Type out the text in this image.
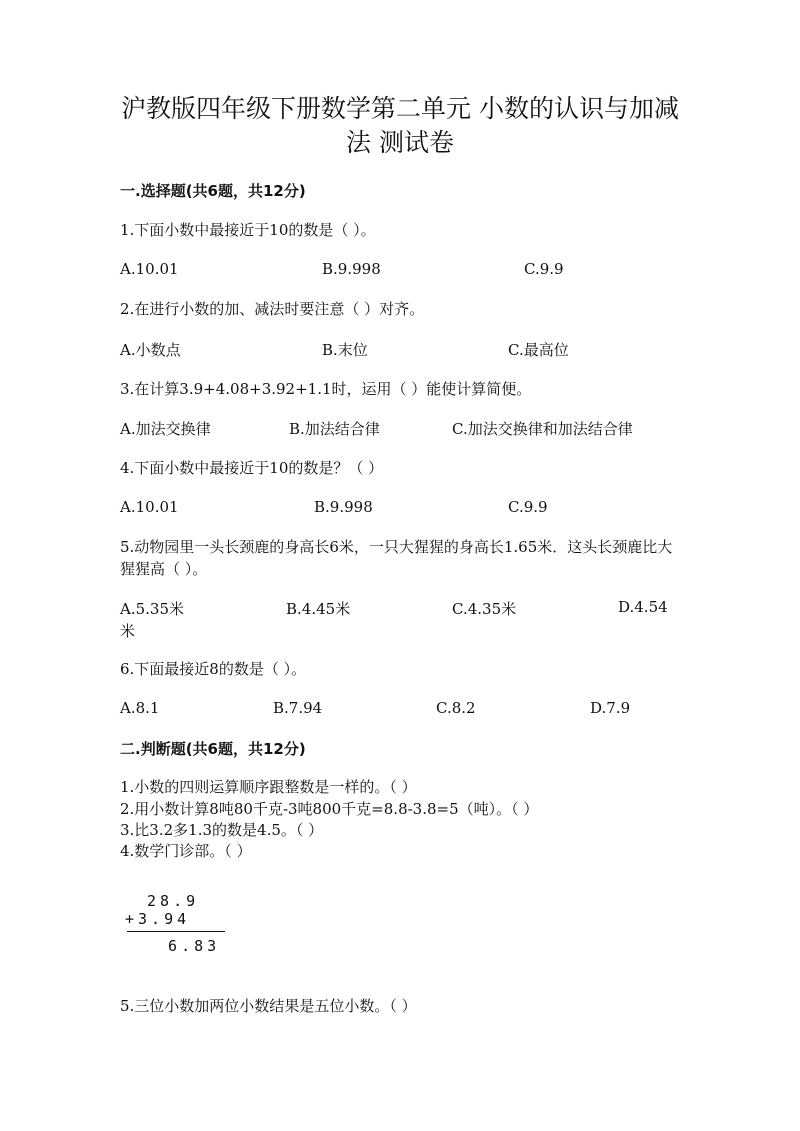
沪教版四年级下册数学第二单元 小数的认识与加减
法 测试卷
一.选择题(共6题，共12分)
1.下面小数中最接近于10的数是（ ）。
A.10.01	B.9.998	C.9.9
2.在进行小数的加、减法时要注意（ ）对齐。
A.小数点	B.末位	C.最高位
3.在计算3.9+4.08+3.92+1.1时，运用（ ）能使计算简便。
A.加法交换律	B.加法结合律	C.加法交换律和加法结合律
4.下面小数中最接近于10的数是？（ ）
A.10.01	B.9.998	C.9.9
5.动物园里一头长颈鹿的身高长6米，一只大猩猩的身高长1.65米．这头长颈鹿比大猩猩高（ ）。
A.5.35米	B.4.45米	C.4.35米	D.4.54
米
6.下面最接近8的数是（ ）。
A.8.1	B.7.94	C.8.2	D.7.9
二.判断题(共6题，共12分)
1.小数的四则运算顺序跟整数是一样的。（ ）
2.用小数计算8吨80千克-3吨800千克=8.8-3.8=5（吨）。（ ）
3.比3.2多1.3的数是4.5。（ ）
4.数学门诊部。（ ）
28.9
+3.94
6.83
5.三位小数加两位小数结果是五位小数。（ ）
